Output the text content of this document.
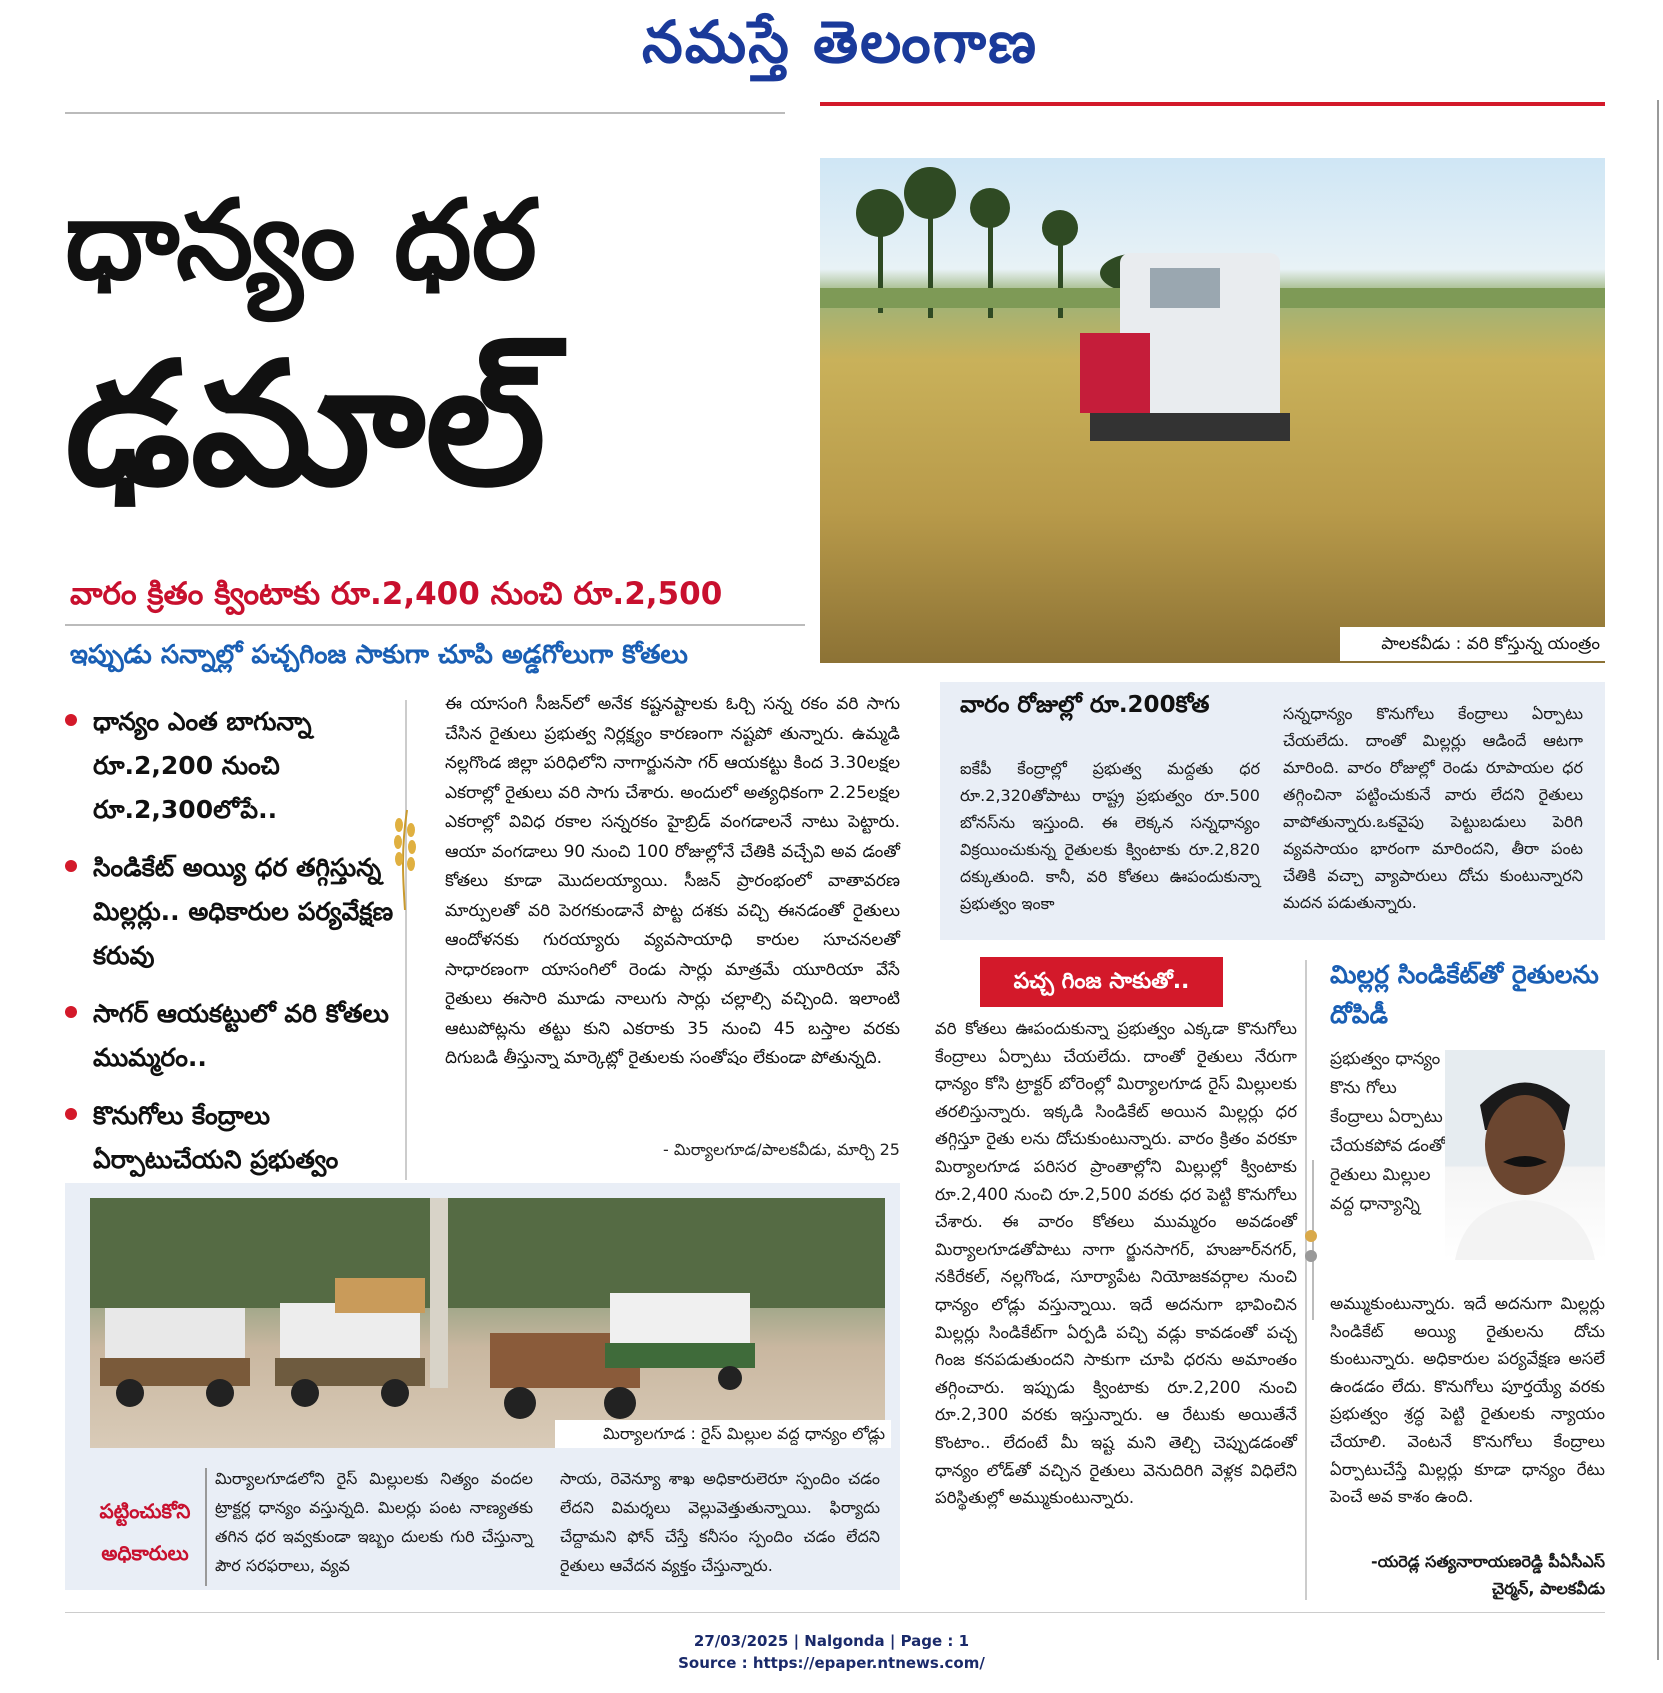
నమస్తే తెలంగాణ
ధాన్యం ధర
ఢమాల్
వారం క్రితం క్వింటాకు రూ.2,400 నుంచి రూ.2,500
ఇప్పుడు సన్నాల్లో పచ్చగింజ సాకుగా చూపి అడ్డగోలుగా కోతలు	పాలకవీడు : వరి కోస్తున్న యంత్రం
ధాన్యం ఎంత బాగున్నా రూ.2,200 నుంచి రూ.2,300లోపే..
సిండికేట్ అయ్యి ధర తగ్గిస్తున్న మిల్లర్లు.. అధికారుల పర్యవేక్షణ కరువు
సాగర్ ఆయకట్టులో వరి కోతలు ముమ్మరం..
కొనుగోలు కేంద్రాలు ఏర్పాటుచేయని ప్రభుత్వం
ఈ యాసంగి సీజన్‌లో అనేక కష్టనష్టాలకు ఓర్చి సన్న రకం వరి సాగు చేసిన రైతులు ప్రభుత్వ నిర్లక్ష్యం కారణంగా నష్టపో తున్నారు. ఉమ్మడి నల్లగొండ జిల్లా పరిధిలోని నాగార్జునసా గర్ ఆయకట్టు కింద 3.30లక్షల ఎకరాల్లో రైతులు వరి సాగు చేశారు. అందులో అత్యధికంగా 2.25లక్షల ఎకరాల్లో వివిధ రకాల సన్నరకం హైబ్రిడ్ వంగడాలనే నాటు పెట్టారు. ఆయా వంగడాలు 90 నుంచి 100 రోజుల్లోనే చేతికి వచ్చేవి అవ డంతో కోతలు కూడా మొదలయ్యాయి. సీజన్ ప్రారంభంలో వాతావరణ మార్పులతో వరి పెరగకుండానే పొట్ట దశకు వచ్చి ఈనడంతో రైతులు ఆందోళనకు గురయ్యారు వ్యవసాయాధి కారుల సూచనలతో సాధారణంగా యాసంగిలో రెండు సార్లు మాత్రమే యూరియా వేసే రైతులు ఈసారి మూడు నాలుగు సార్లు చల్లాల్సి వచ్చింది. ఇలాంటి ఆటుపోట్లను తట్టు కుని ఎకరాకు 35 నుంచి 45 బస్తాల వరకు దిగుబడి తీస్తున్నా మార్కెట్లో రైతులకు సంతోషం లేకుండా పోతున్నది.
- మిర్యాలగూడ/పాలకవీడు, మార్చి 25
వారం రోజుల్లో రూ.200కోత
ఐకేపీ కేంద్రాల్లో ప్రభుత్వ మద్దతు ధర రూ.2,320తోపాటు రాష్ట్ర ప్రభుత్వం రూ.500 బోనస్‌ను ఇస్తుంది. ఈ లెక్కన సన్నధాన్యం విక్రయించుకున్న రైతులకు క్వింటాకు రూ.2,820 దక్కుతుంది. కానీ, వరి కోతలు ఊపందుకున్నా ప్రభుత్వం ఇంకా
సన్నధాన్యం కొనుగోలు కేంద్రాలు ఏర్పాటు చేయలేదు. దాంతో మిల్లర్లు ఆడిందే ఆటగా మారింది. వారం రోజుల్లో రెండు రూపాయల ధర తగ్గించినా పట్టించుకునే వారు లేదని రైతులు వాపోతున్నారు.ఒకవైపు పెట్టుబడులు పెరిగి వ్యవసాయం భారంగా మారిందని, తీరా పంట చేతికి వచ్చా వ్యాపారులు దోచు కుంటున్నారని మదన పడుతున్నారు.
పచ్చ గింజ సాకుతో..
వరి కోతలు ఊపందుకున్నా ప్రభుత్వం ఎక్కడా కొనుగోలు కేంద్రాలు ఏర్పాటు చేయలేదు. దాంతో రైతులు నేరుగా ధాన్యం కోసి ట్రాక్టర్ బోరెంల్లో మిర్యాలగూడ రైస్ మిల్లులకు తరలిస్తున్నారు. ఇక్కడి సిండికేట్ అయిన మిల్లర్లు ధర తగ్గిస్తూ రైతు లను దోచుకుంటున్నారు. వారం క్రితం వరకూ మిర్యాలగూడ పరిసర ప్రాంతాల్లోని మిల్లుల్లో క్వింటాకు రూ.2,400 నుంచి రూ.2,500 వరకు ధర పెట్టి కొనుగోలు చేశారు. ఈ వారం కోతలు ముమ్మరం అవడంతో మిర్యాలగూడతోపాటు నాగా ర్జునసాగర్, హుజూర్‌నగర్, నకిరేకల్, నల్లగొండ, సూర్యాపేట నియోజకవర్గాల నుంచి ధాన్యం లోడ్లు వస్తున్నాయి. ఇదే అదనుగా భావించిన మిల్లర్లు సిండికేట్‌గా ఏర్పడి పచ్చి వడ్లు కావడంతో పచ్చ గింజ కనపడుతుందని సాకుగా చూపి ధరను అమాంతం తగ్గించారు. ఇప్పుడు క్వింటాకు రూ.2,200 నుంచి రూ.2,300 వరకు ఇస్తున్నారు. ఆ రేటుకు అయితేనే కొంటాం.. లేదంటే మీ ఇష్ట మని తెల్చి చెప్పుడడంతో ధాన్యం లోడ్‌తో వచ్చిన రైతులు వెనుదిరిగి వెళ్లక విధిలేని పరిస్థితుల్లో అమ్ముకుంటున్నారు.
మిల్లర్ల సిండికేట్‌తో రైతులను దోపిడీ
ప్రభుత్వం ధాన్యం కొను గోలు కేంద్రాలు ఏర్పాటు చేయకపోవ డంతో రైతులు మిల్లుల వద్ద ధాన్యాన్ని
అమ్ముకుంటున్నారు. ఇదే అదనుగా మిల్లర్లు సిండికేట్ అయ్యి రైతులను దోచు కుంటున్నారు. అధికారుల పర్యవేక్షణ అసలే ఉండడం లేదు. కొనుగోలు పూర్తయ్యే వరకు ప్రభుత్వం శ్రద్ధ పెట్టి రైతులకు న్యాయం చేయాలి. వెంటనే కొనుగోలు కేంద్రాలు ఏర్పాటుచేస్తే మిల్లర్లు కూడా ధాన్యం రేటు పెంచే అవ కాశం ఉంది.
-యరెడ్ల సత్యనారాయణరెడ్డి పీఏసీఎస్
చైర్మన్, పాలకవీడు
మిర్యాలగూడ : రైస్ మిల్లుల వద్ద ధాన్యం లోడ్లు
పట్టించుకోని అధికారులు
మిర్యాలగూడలోని రైస్ మిల్లులకు నిత్యం వందల ట్రాక్టర్ల ధాన్యం వస్తున్నది. మిలర్లు పంట నాణ్యతకు తగిన ధర ఇవ్వకుండా ఇబ్బం దులకు గురి చేస్తున్నా పౌర సరఫరాలు, వ్యవ
సాయ, రెవెన్యూ శాఖ అధికారులెరూ స్పందిం చడం లేదని విమర్శలు వెల్లువెత్తుతున్నాయి. ఫిర్యాదు చేద్దామని ఫోన్ చేస్తే కనీసం స్పందిం చడం లేదని రైతులు ఆవేదన వ్యక్తం చేస్తున్నారు.
27/03/2025 | Nalgonda | Page : 1
Source : https://epaper.ntnews.com/
